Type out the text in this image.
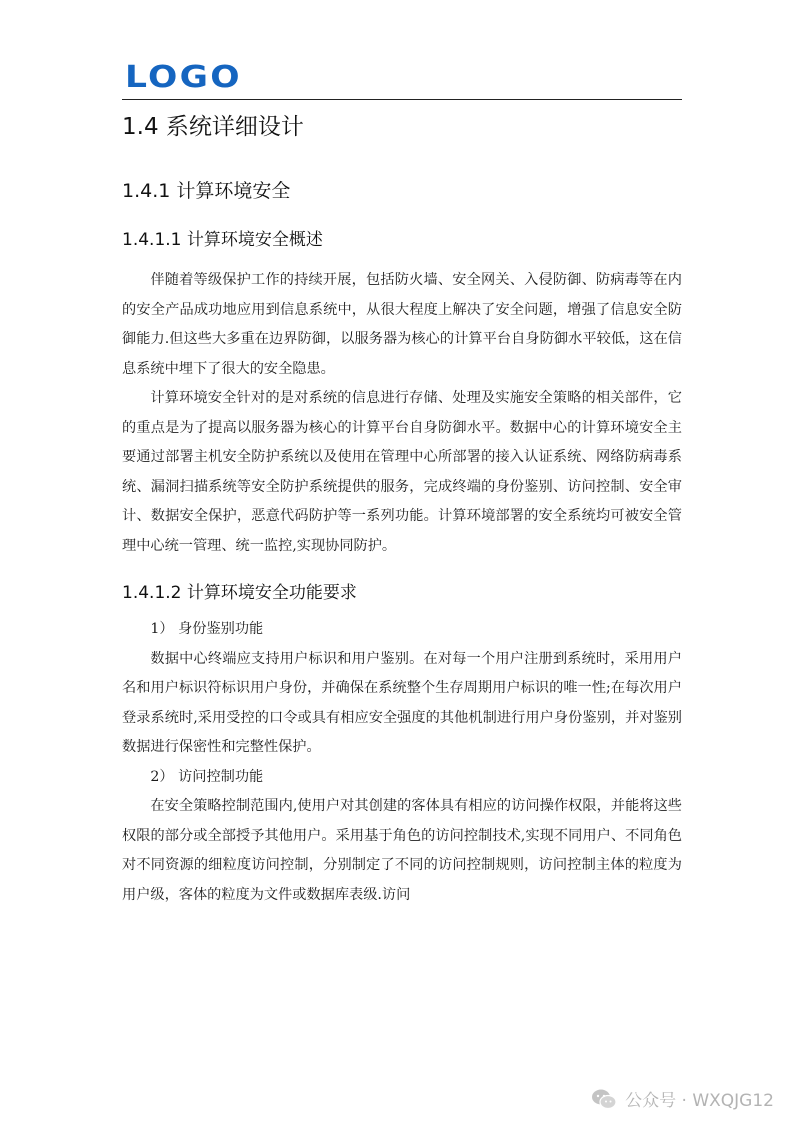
LOGO
1.4 系统详细设计
1.4.1 计算环境安全
1.4.1.1 计算环境安全概述

伴随着等级保护工作的持续开展，包括防火墙、安全网关、入侵防御、防病毒等在内的安全产品成功地应用到信息系统中，从很大程度上解决了安全问题，增强了信息安全防御能力.但这些大多重在边界防御，以服务器为核心的计算平台自身防御水平较低，这在信息系统中埋下了很大的安全隐患。

计算环境安全针对的是对系统的信息进行存储、处理及实施安全策略的相关部件，它的重点是为了提高以服务器为核心的计算平台自身防御水平。数据中心的计算环境安全主要通过部署主机安全防护系统以及使用在管理中心所部署的接入认证系统、网络防病毒系统、漏洞扫描系统等安全防护系统提供的服务，完成终端的身份鉴别、访问控制、安全审计、数据安全保护，恶意代码防护等一系列功能。计算环境部署的安全系统均可被安全管理中心统一管理、统一监控,实现协同防护。

1.4.1.2 计算环境安全功能要求

1） 身份鉴别功能

数据中心终端应支持用户标识和用户鉴别。在对每一个用户注册到系统时，采用用户名和用户标识符标识用户身份，并确保在系统整个生存周期用户标识的唯一性;在每次用户登录系统时,采用受控的口令或具有相应安全强度的其他机制进行用户身份鉴别，并对鉴别数据进行保密性和完整性保护。

2） 访问控制功能

在安全策略控制范围内,使用户对其创建的客体具有相应的访问操作权限，并能将这些权限的部分或全部授予其他用户。采用基于角色的访问控制技术,实现不同用户、不同角色对不同资源的细粒度访问控制，分别制定了不同的访问控制规则，访问控制主体的粒度为用户级，客体的粒度为文件或数据库表级.访问

公众号 · WXQJG12
